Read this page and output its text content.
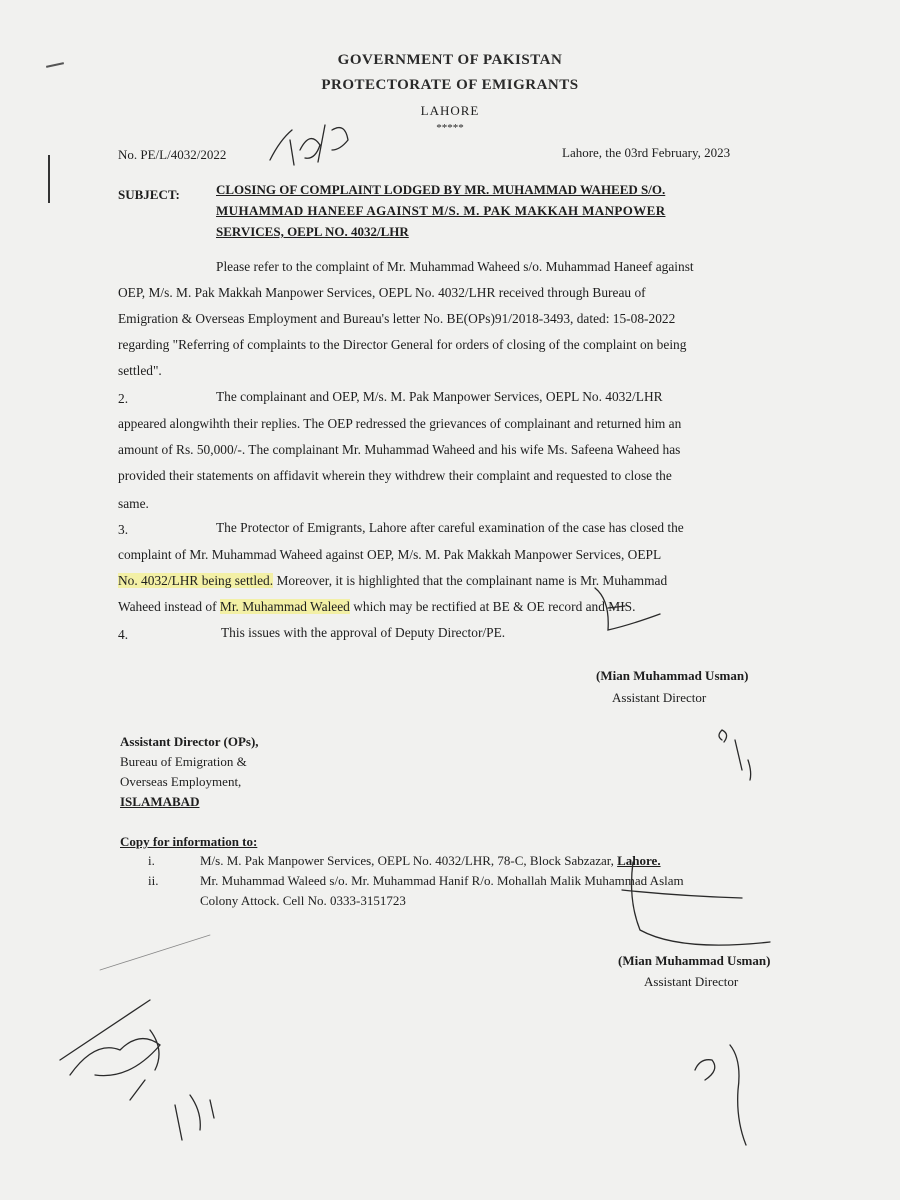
GOVERNMENT OF PAKISTAN
PROTECTORATE OF EMIGRANTS
LAHORE
*****
No. PE/L/4032/2022	Lahore, the 03rd February, 2023
SUBJECT:	CLOSING OF COMPLAINT LODGED BY MR. MUHAMMAD WAHEED S/O.
MUHAMMAD HANEEF AGAINST M/S. M. PAK MAKKAH MANPOWER
SERVICES, OEPL NO. 4032/LHR
Please refer to the complaint of Mr. Muhammad Waheed s/o. Muhammad Haneef against
OEP, M/s. M. Pak Makkah Manpower Services, OEPL No. 4032/LHR received through Bureau of
Emigration & Overseas Employment and Bureau's letter No. BE(OPs)91/2018-3493, dated: 15-08-2022
regarding "Referring of complaints to the Director General for orders of closing of the complaint on being
settled".
2.	The complainant and OEP, M/s. M. Pak Manpower Services, OEPL No. 4032/LHR
appeared alongwihth their replies. The OEP redressed the grievances of complainant and returned him an
amount of Rs. 50,000/-. The complainant Mr. Muhammad Waheed and his wife Ms. Safeena Waheed has
provided their statements on affidavit wherein they withdrew their complaint and requested to close the
same.
3.	The Protector of Emigrants, Lahore after careful examination of the case has closed the
complaint of Mr. Muhammad Waheed against OEP, M/s. M. Pak Makkah Manpower Services, OEPL
No. 4032/LHR being settled. Moreover, it is highlighted that the complainant name is Mr. Muhammad
Waheed instead of Mr. Muhammad Waleed which may be rectified at BE & OE record and MIS.
4.	This issues with the approval of Deputy Director/PE.
(Mian Muhammad Usman)
Assistant Director
Assistant Director (OPs),
Bureau of Emigration &
Overseas Employment,
ISLAMABAD
Copy for information to:
i.	M/s. M. Pak Manpower Services, OEPL No. 4032/LHR, 78-C, Block Sabzazar, Lahore.
ii.	Mr. Muhammad Waleed s/o. Mr. Muhammad Hanif R/o. Mohallah Malik Muhammad Aslam
Colony Attock. Cell No. 0333-3151723
(Mian Muhammad Usman)
Assistant Director
